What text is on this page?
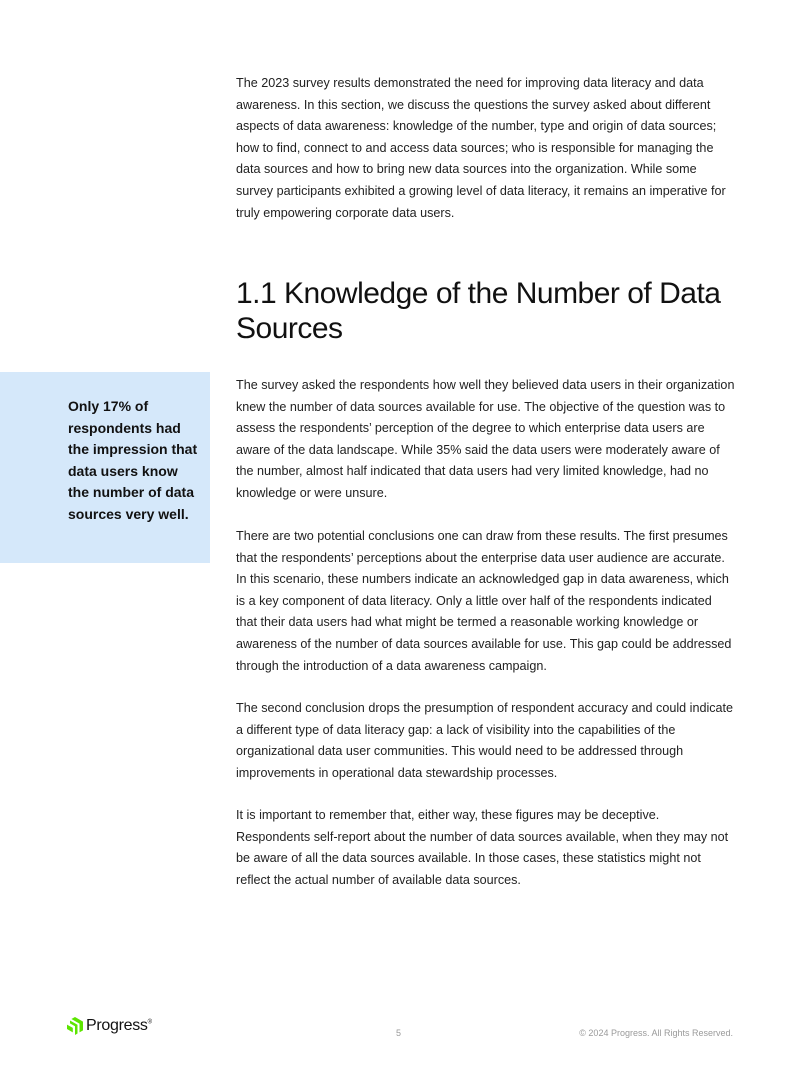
The 2023 survey results demonstrated the need for improving data literacy and data awareness. In this section, we discuss the questions the survey asked about different aspects of data awareness: knowledge of the number, type and origin of data sources; how to find, connect to and access data sources; who is responsible for managing the data sources and how to bring new data sources into the organization. While some survey participants exhibited a growing level of data literacy, it remains an imperative for truly empowering corporate data users.

1.1 Knowledge of the Number of Data Sources

Only 17% of respondents had the impression that data users know the number of data sources very well.

The survey asked the respondents how well they believed data users in their organization knew the number of data sources available for use. The objective of the question was to assess the respondents’ perception of the degree to which enterprise data users are aware of the data landscape. While 35% said the data users were moderately aware of the number, almost half indicated that data users had very limited knowledge, had no knowledge or were unsure.

There are two potential conclusions one can draw from these results. The first presumes that the respondents’ perceptions about the enterprise data user audience are accurate. In this scenario, these numbers indicate an acknowledged gap in data awareness, which is a key component of data literacy. Only a little over half of the respondents indicated that their data users had what might be termed a reasonable working knowledge or awareness of the number of data sources available for use. This gap could be addressed through the introduction of a data awareness campaign.

The second conclusion drops the presumption of respondent accuracy and could indicate a different type of data literacy gap: a lack of visibility into the capabilities of the organizational data user communities. This would need to be addressed through improvements in operational data stewardship processes.

It is important to remember that, either way, these figures may be deceptive. Respondents self-report about the number of data sources available, when they may not be aware of all the data sources available. In those cases, these statistics might not reflect the actual number of available data sources.

Progress®
5	© 2024 Progress. All Rights Reserved.
